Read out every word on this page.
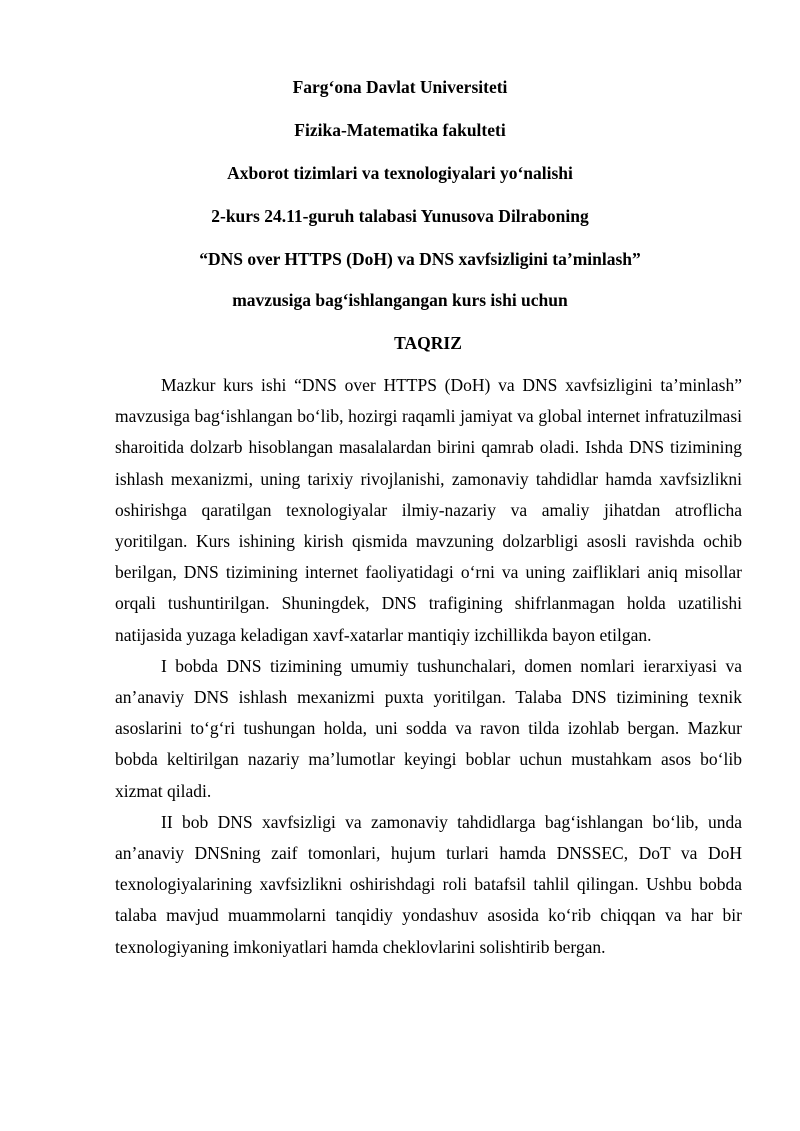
Farg‘ona Davlat Universiteti
Fizika-Matematika fakulteti
Axborot tizimlari va texnologiyalari yo‘nalishi
2-kurs 24.11-guruh talabasi Yunusova Dilraboning
“DNS over HTTPS (DoH) va DNS xavfsizligini ta’minlash”
mavzusiga bag‘ishlangangan kurs ishi uchun
TAQRIZ

Mazkur kurs ishi “DNS over HTTPS (DoH) va DNS xavfsizligini ta’minlash” mavzusiga bag‘ishlangan bo‘lib, hozirgi raqamli jamiyat va global internet infratuzilmasi sharoitida dolzarb hisoblangan masalalardan birini qamrab oladi. Ishda DNS tizimining ishlash mexanizmi, uning tarixiy rivojlanishi, zamonaviy tahdidlar hamda xavfsizlikni oshirishga qaratilgan texnologiyalar ilmiy-nazariy va amaliy jihatdan atroflicha yoritilgan. Kurs ishining kirish qismida mavzuning dolzarbligi asosli ravishda ochib berilgan, DNS tizimining internet faoliyatidagi o‘rni va uning zaifliklari aniq misollar orqali tushuntirilgan. Shuningdek, DNS trafigining shifrlanmagan holda uzatilishi natijasida yuzaga keladigan xavf-xatarlar mantiqiy izchillikda bayon etilgan.

I bobda DNS tizimining umumiy tushunchalari, domen nomlari ierarxiyasi va an’anaviy DNS ishlash mexanizmi puxta yoritilgan. Talaba DNS tizimining texnik asoslarini to‘g‘ri tushungan holda, uni sodda va ravon tilda izohlab bergan. Mazkur bobda keltirilgan nazariy ma’lumotlar keyingi boblar uchun mustahkam asos bo‘lib xizmat qiladi.

II bob DNS xavfsizligi va zamonaviy tahdidlarga bag‘ishlangan bo‘lib, unda an’anaviy DNSning zaif tomonlari, hujum turlari hamda DNSSEC, DoT va DoH texnologiyalarining xavfsizlikni oshirishdagi roli batafsil tahlil qilingan. Ushbu bobda talaba mavjud muammolarni tanqidiy yondashuv asosida ko‘rib chiqqan va har bir texnologiyaning imkoniyatlari hamda cheklovlarini solishtirib bergan.
